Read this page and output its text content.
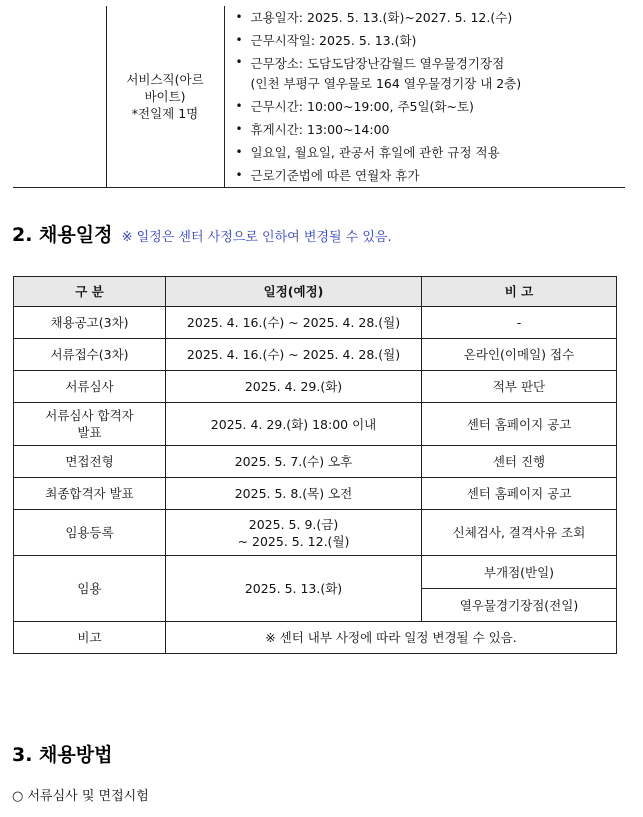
서비스직(아르
바이트)
*전일제 1명

• 고용일자: 2025. 5. 13.(화)~2027. 5. 12.(수)
• 근무시작일: 2025. 5. 13.(화)
• 근무장소: 도담도담장난감월드 열우물경기장점
(인천 부평구 열우물로 164 열우물경기장 내 2층)
• 근무시간: 10:00~19:00, 주5일(화~토)
• 휴게시간: 13:00~14:00
• 일요일, 월요일, 관공서 휴일에 관한 규정 적용
• 근로기준법에 따른 연월차 휴가
2. 채용일정 ※ 일정은 센터 사정으로 인하여 변경될 수 있음.
구 분	일정(예정)	비 고
채용공고(3차)	2025. 4. 16.(수) ~ 2025. 4. 28.(월)	-
서류접수(3차)	2025. 4. 16.(수) ~ 2025. 4. 28.(월)	온라인(이메일) 접수
서류심사	2025. 4. 29.(화)	적부 판단

서류심사 합격자
발표	2025. 4. 29.(화) 18:00 이내	센터 홈페이지 공고
면접전형	2025. 5. 7.(수) 오후	센터 진행
최종합격자 발표	2025. 5. 8.(목) 오전	센터 홈페이지 공고
임용등록	2025. 5. 9.(금)
~ 2025. 5. 12.(월)	신체검사, 결격사유 조회
임용	2025. 5. 13.(화)	부개점(반일)
		열우물경기장점(전일)
비고	※ 센터 내부 사정에 따라 일정 변경될 수 있음.	
3. 채용방법
○ 서류심사 및 면접시험
